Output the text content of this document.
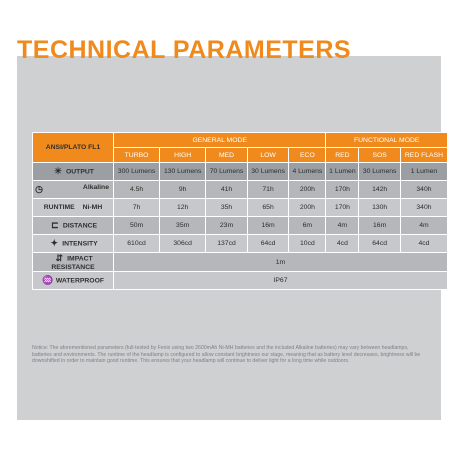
TECHNICAL PARAMETERS
ANSI/PLATO FL1	GENERAL MODE					FUNCTIONAL MODE		
	TURBO	HIGH	MED	LOW	ECO	RED	SOS	RED FLASH
☀ OUTPUT	300 Lumens	130 Lumens	70 Lumens	30 Lumens	4 Lumens	1 Lumen	30 Lumens	1 Lumen

◷ Alkaline	4.5h	9h	41h	71h	200h	170h	142h	340h
RUNTIME Ni-MH	7h	12h	35h	65h	200h	170h	130h	340h
⊏ DISTANCE	50m	35m	23m	16m	6m	4m	16m	4m
✦ INTENSITY	610cd	306cd	137cd	64cd	10cd	4cd	64cd	4cd
⇵ IMPACT RESISTANCE	1m							
♒ WATERPROOF	IP67							
Notice: The aforementioned parameters (full-tested by Fenix using two 2600mAh Ni-MH batteries and the included Alkaline batteries) may vary between headlamps, batteries and environments. The runtime of the headlamp is configured to allow constant brightness our stage, meaning that as battery level decreases, brightness will be downshifted in order to maintain good runtime. This ensures that your headlamp will continue to deliver light for a long time while outdoors.
